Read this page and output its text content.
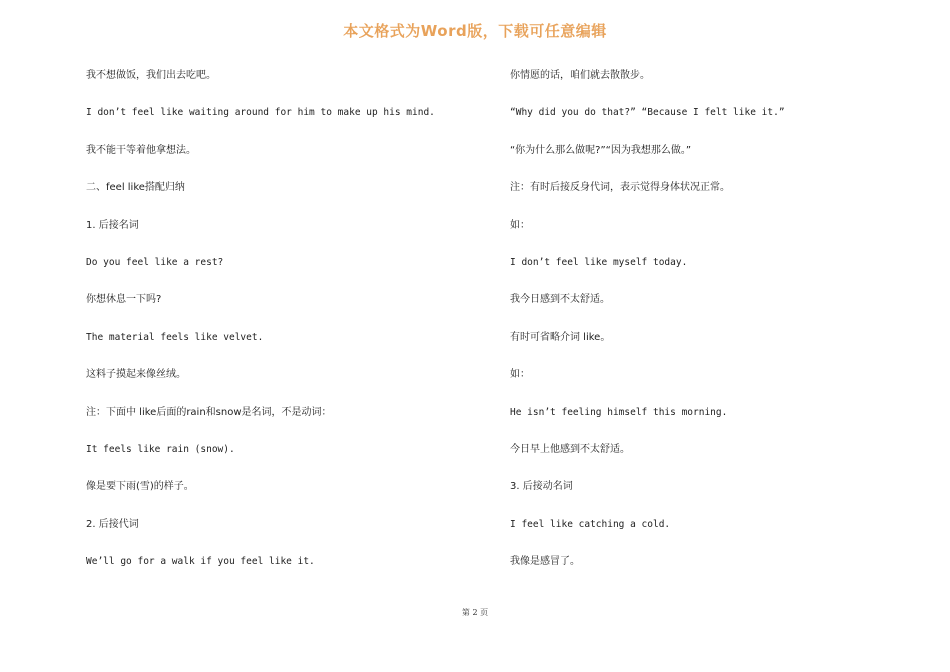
本文格式为Word版，下载可任意编辑
我不想做饭，我们出去吃吧。
I don’t feel like waiting around for him to make up his mind.
我不能干等着他拿想法。
二、feel like搭配归纳
1. 后接名词
Do you feel like a rest?
你想休息一下吗?
The material feels like velvet.
这料子摸起来像丝绒。
注：下面中 like后面的rain和snow是名词，不是动词：
It feels like rain (snow).
像是要下雨(雪)的样子。
2. 后接代词
We’ll go for a walk if you feel like it.
你情愿的话，咱们就去散散步。
“Why did you do that?” “Because I felt like it.”
“你为什么那么做呢?”“因为我想那么做。”
注：有时后接反身代词，表示觉得身体状况正常。
如：
I don’t feel like myself today.
我今日感到不太舒适。
有时可省略介词 like。
如：
He isn’t feeling himself this morning.
今日早上他感到不太舒适。
3. 后接动名词
I feel like catching a cold.
我像是感冒了。
第 2 页
